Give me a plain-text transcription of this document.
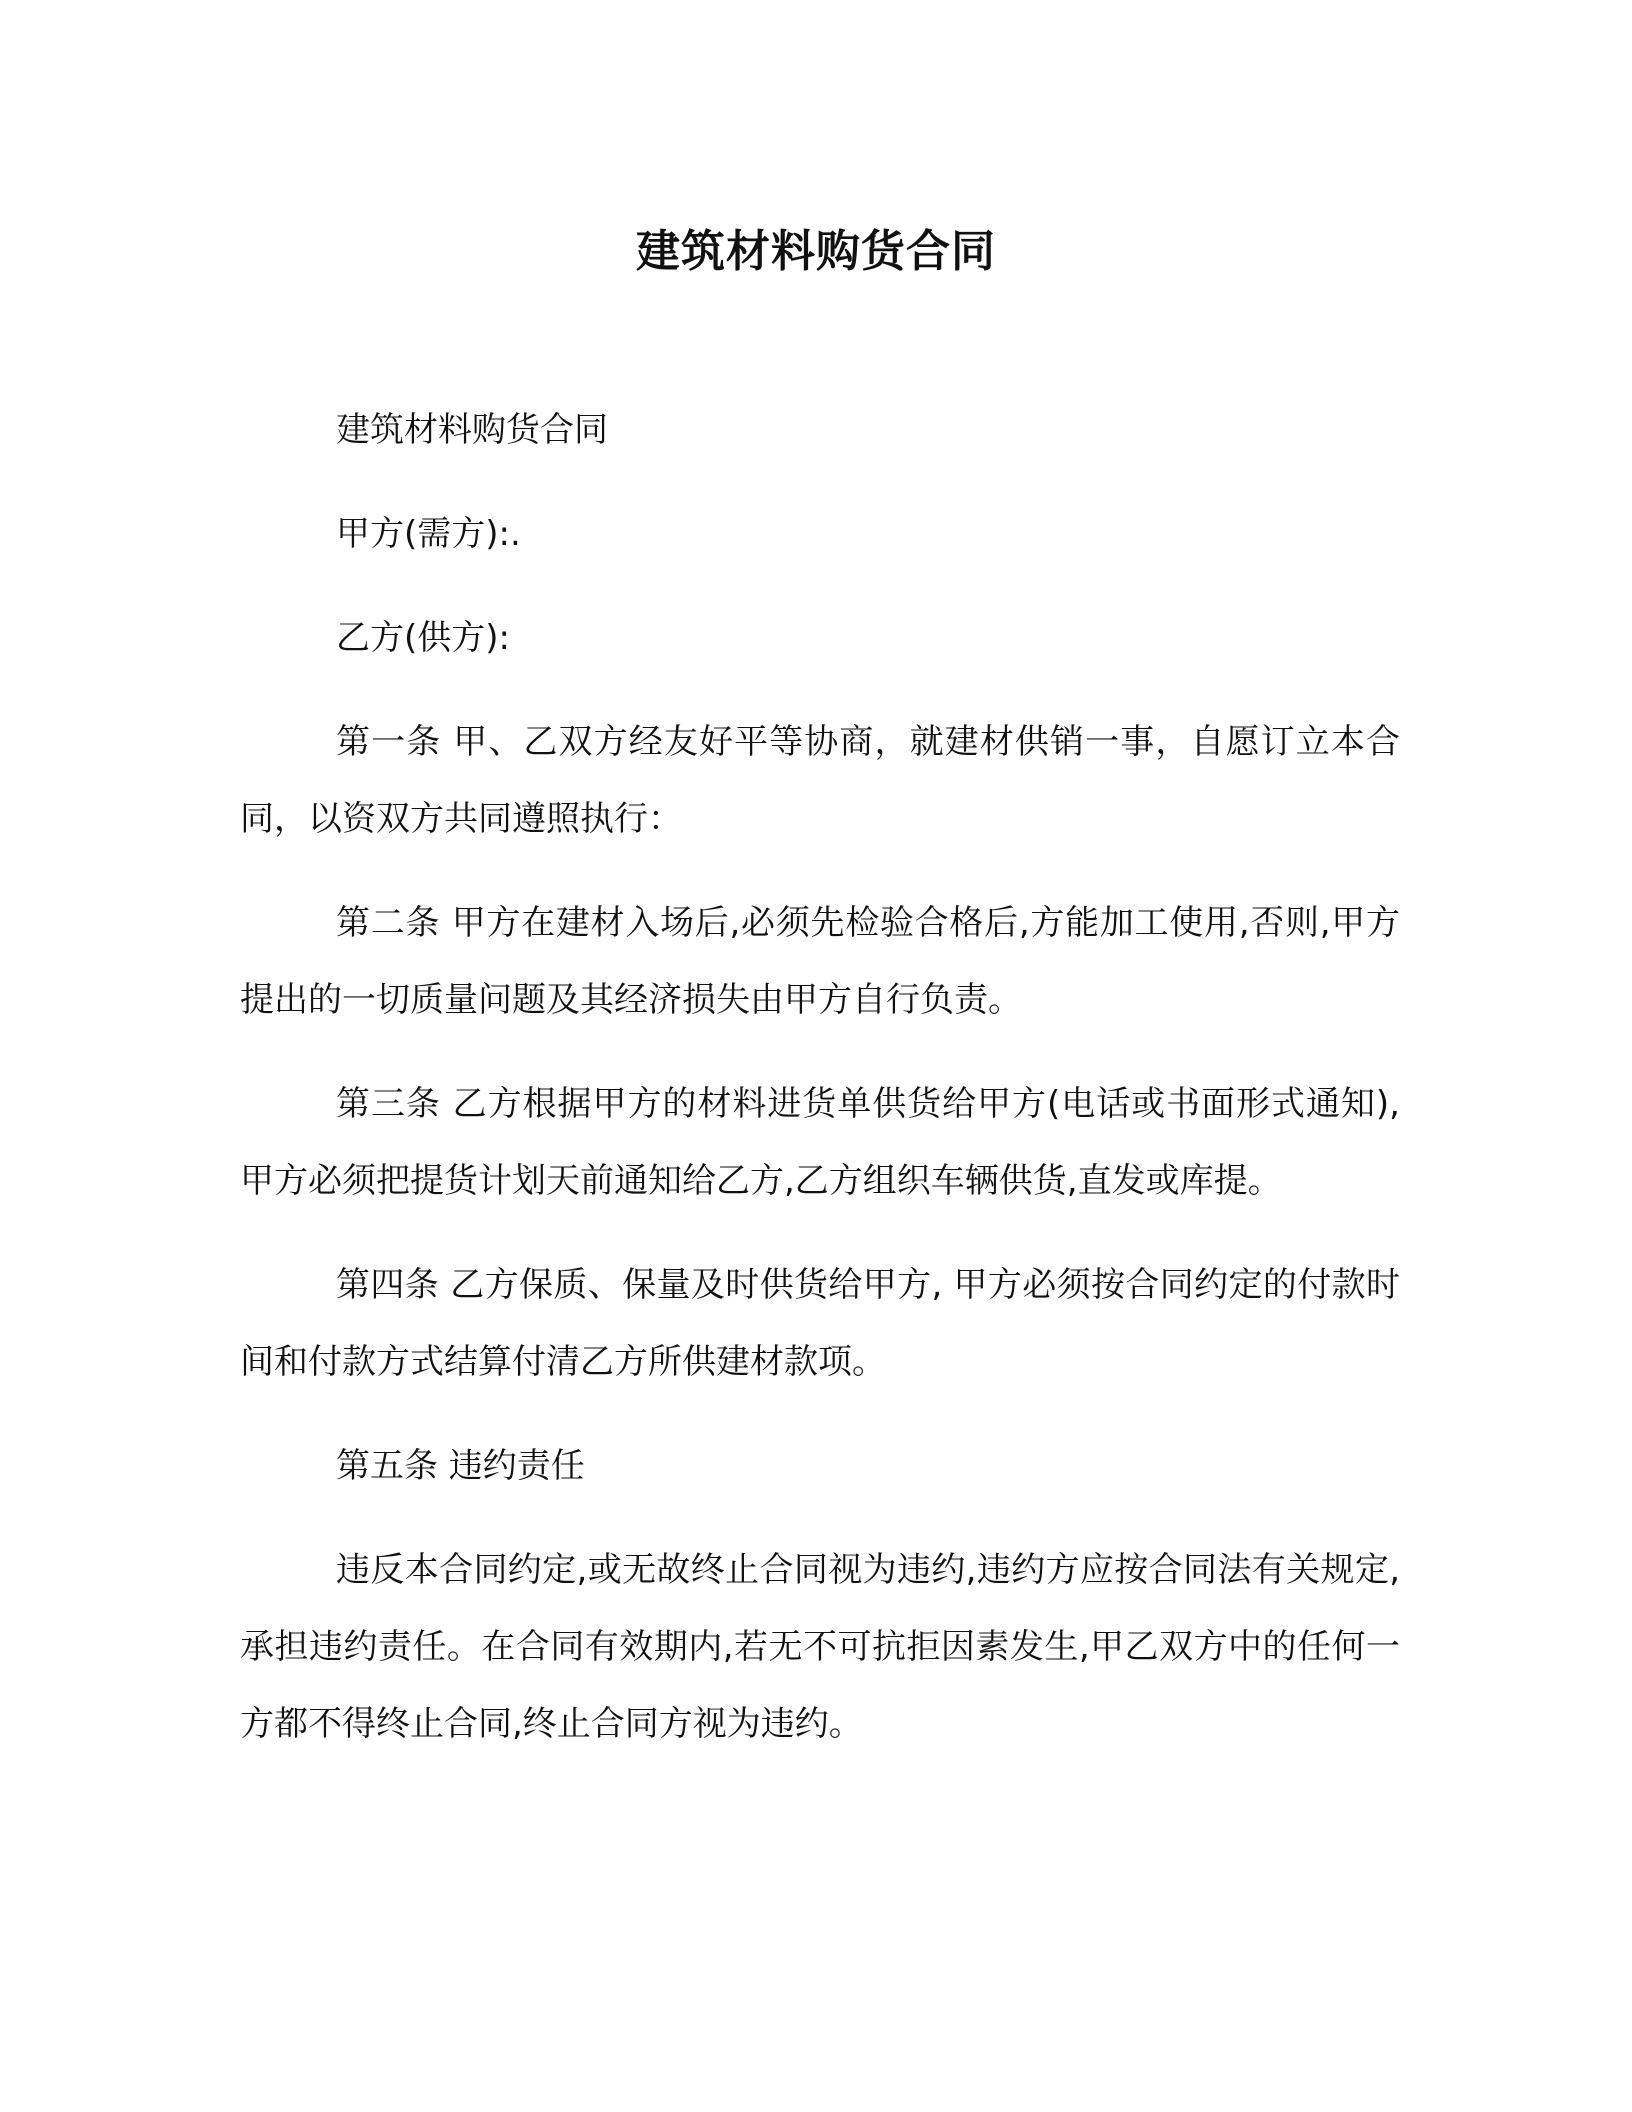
建筑材料购货合同

建筑材料购货合同

甲方(需方):.

乙方(供方):

第一条 甲、乙双方经友好平等协商，就建材供销一事，自愿订立本合同，以资双方共同遵照执行：

第二条 甲方在建材入场后,必须先检验合格后,方能加工使用,否则,甲方提出的一切质量问题及其经济损失由甲方自行负责。

第三条 乙方根据甲方的材料进货单供货给甲方(电话或书面形式通知), 甲方必须把提货计划天前通知给乙方,乙方组织车辆供货,直发或库提。

第四条 乙方保质、保量及时供货给甲方, 甲方必须按合同约定的付款时间和付款方式结算付清乙方所供建材款项。

第五条 违约责任

违反本合同约定,或无故终止合同视为违约,违约方应按合同法有关规定,承担违约责任。在合同有效期内,若无不可抗拒因素发生,甲乙双方中的任何一方都不得终止合同,终止合同方视为违约。
